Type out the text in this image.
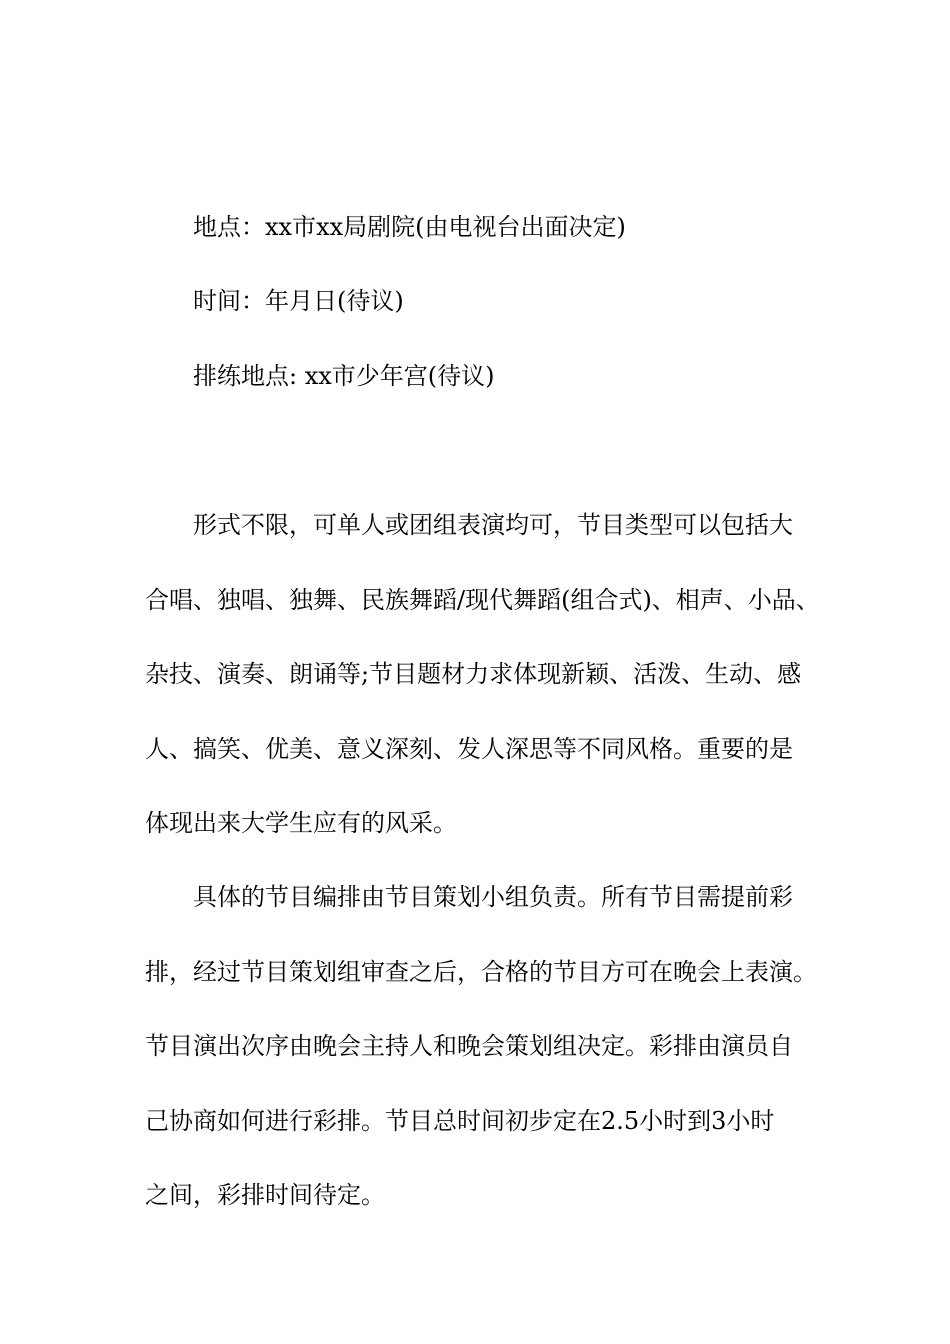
地点：xx市xx局剧院(由电视台出面决定)
时间：年月日(待议)
排练地点: xx市少年宫(待议)
形式不限，可单人或团组表演均可，节目类型可以包括大
合唱、独唱、独舞、民族舞蹈/现代舞蹈(组合式)、相声、小品、
杂技、演奏、朗诵等;节目题材力求体现新颖、活泼、生动、感
人、搞笑、优美、意义深刻、发人深思等不同风格。重要的是
体现出来大学生应有的风采。
具体的节目编排由节目策划小组负责。所有节目需提前彩
排，经过节目策划组审查之后，合格的节目方可在晚会上表演。
节目演出次序由晚会主持人和晚会策划组决定。彩排由演员自
己协商如何进行彩排。节目总时间初步定在2.5小时到3小时
之间，彩排时间待定。
